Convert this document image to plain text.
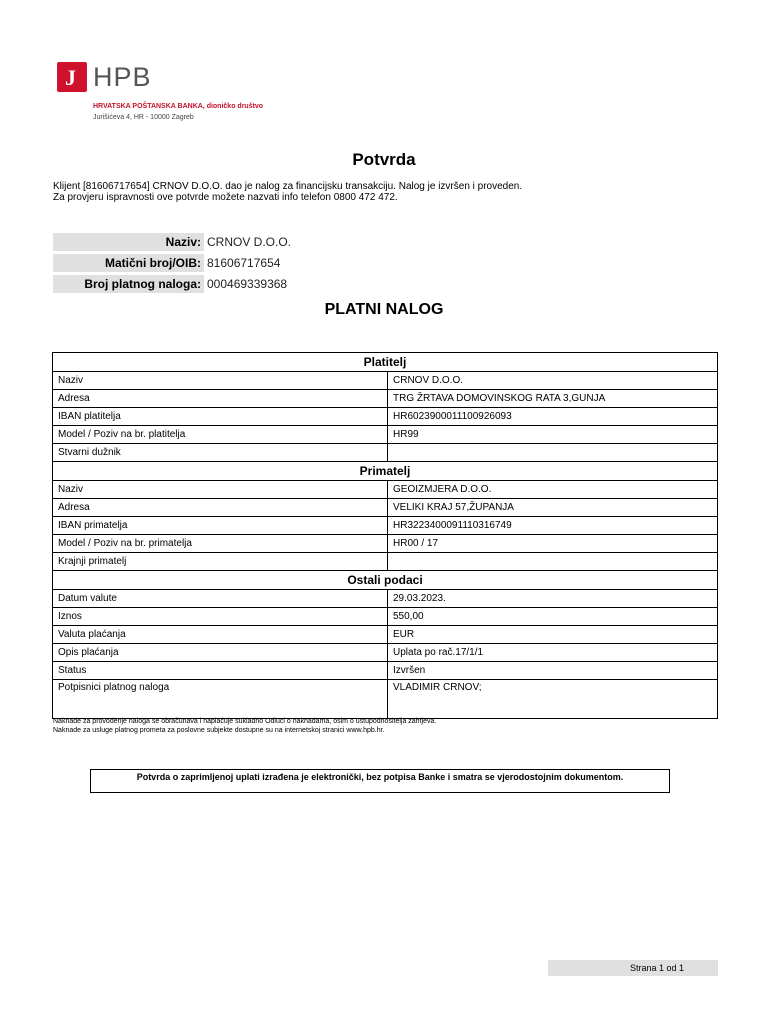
J HPB
HRVATSKA POŠTANSKA BANKA, dioničko društvo
Jurišićeva 4, HR - 10000 Zagreb
Potvrda
Klijent [81606717654] CRNOV D.O.O. dao je nalog za financijsku transakciju. Nalog je izvršen i proveden.
Za provjeru ispravnosti ove potvrde možete nazvati info telefon 0800 472 472.
Naziv:	CRNOV D.O.O.
Matični broj/OIB:	81606717654
Broj platnog naloga:	000469339368
PLATNI NALOG
Platitelj	
Naziv	CRNOV D.O.O.
Adresa	TRG ŽRTAVA DOMOVINSKOG RATA 3,GUNJA
IBAN platitelja	HR6023900011100926093
Model / Poziv na br. platitelja	HR99
Stvarni dužnik	
Primatelj	
Naziv	GEOIZMJERA D.O.O.
Adresa	VELIKI KRAJ 57,ŽUPANJA
IBAN primatelja	HR3223400091110316749
Model / Poziv na br. primatelja	HR00 / 17
Krajnji primatelj	
Ostali podaci	
Datum valute	29.03.2023.
Iznos	550,00
Valuta plaćanja	EUR
Opis plaćanja	Uplata po rač.17/1/1
Status	Izvršen
Potpisnici platnog naloga	VLADIMIR CRNOV;
Naknade za provođenje naloga se obračunava i naplaćuje sukladno Odluci o naknadama, osim o ustupodnositelja zahtjeva.
Naknade za usluge platnog prometa za poslovne subjekte dostupne su na internetskoj stranici www.hpb.hr.
Potvrda o zaprimljenoj uplati izrađena je elektronički, bez potpisa Banke i smatra se vjerodostojnim dokumentom.
Strana 1 od 1
